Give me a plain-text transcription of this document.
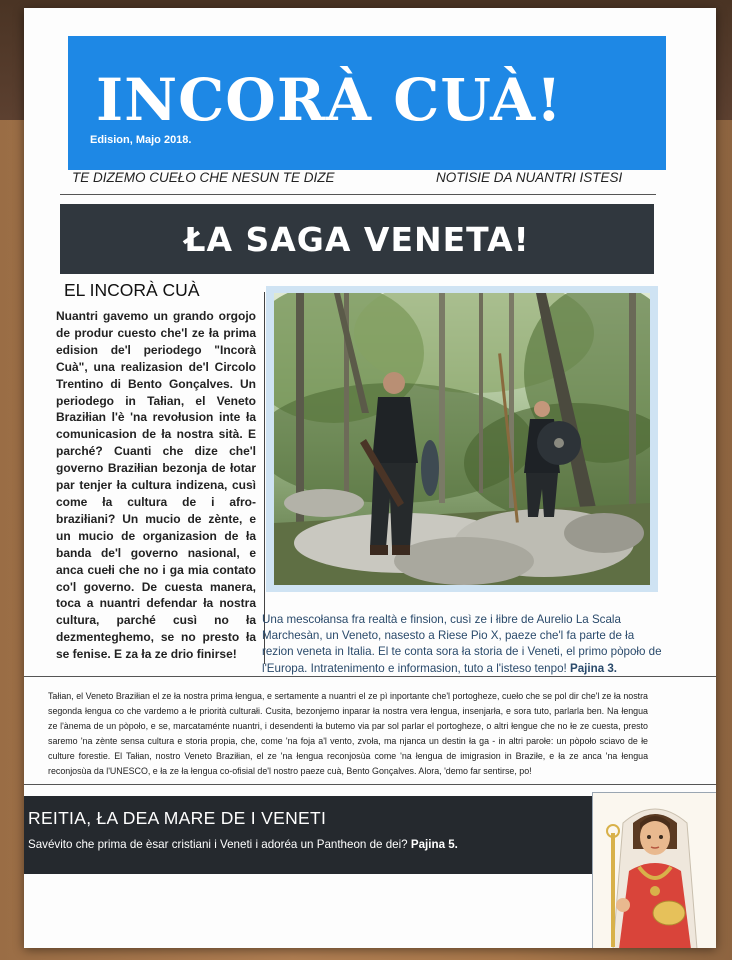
INCORÀ CUÀ!
Edision, Majo 2018.
TE DIZEMO CUEŁO CHE NESUN TE DIZE	NOTISIE DA NUANTRI ISTESI
ŁA SAGA VENETA!
EL INCORÀ CUÀ
Nuantri gavemo un grando orgojo de produr cuesto che'l ze ła prima edision de'l periodego "Incorà Cuà", una realizasion de'l Circolo Trentino di Bento Gonçalves. Un periodego in Tałian, el Veneto Braziłian l'è 'na revołusion inte ła comunicasion de ła nostra sità. E parché? Cuanti che dize che'l governo Braziłian bezonja de łotar par tenjer ła cultura indizena, cusì come ła cultura de i afro-braziłiani? Un mucio de zènte, e un mucio de organizasion de ła banda de'l governo nasional, e anca cuełi che no i ga mia contato co'l governo. De cuesta manera, toca a nuantri defendar ła nostra cultura, parché cusì no ła dezmenteghemo, se no presto ła se fenise. E za ła ze drio finirse!
Una mescołansa fra realtà e finsion, cusì ze i łibre de Aurelio La Scala Marchesàn, un Veneto, nasesto a Riese Pio X, paeze che'l fa parte de ła rezion veneta in Italia. El te conta sora ła storia de i Veneti, el primo pòpoło de l'Europa. Intratenimento e informasion, tuto a l'isteso tenpo! Pajina 3.
Tałian, el Veneto Braziłian el ze ła nostra prima łengua, e sertamente a nuantri el ze pì inportante che'l portogheze, cueło che se pol dir che'l ze ła nostra segonda łengua co che vardemo a łe priorità culturałi. Cusita, bezonjemo inparar ła nostra vera łengua, insenjarła, e sora tuto, parlarla ben. Na łengua ze l'ànema de un pòpoło, e se, marcataménte nuantri, i desendenti ła butemo via par sol parlar el portogheze, o altri łengue che no łe ze cuesta, presto saremo 'na zènte sensa cultura e storia propia, che, come 'na foja a'l vento, zvoła, ma njanca un destin ła ga - in altri parołe: un pòpoło sciavo de łe culture forestie. El Tałian, nostro Veneto Braziłian, el ze 'na łengua reconjosùa come 'na łengua de imigrasion in Braziłe, e ła ze anca 'na łengua reconjosùa da l'UNESCO, e ła ze ła łengua co-ofisial de'l nostro paeze cuà, Bento Gonçalves. Alora, 'demo far sentirse, po!
REITIA, ŁA DEA MARE DE I VENETI
Savévito che prima de èsar cristiani i Veneti i adoréa un Pantheon de dei? Pajina 5.
